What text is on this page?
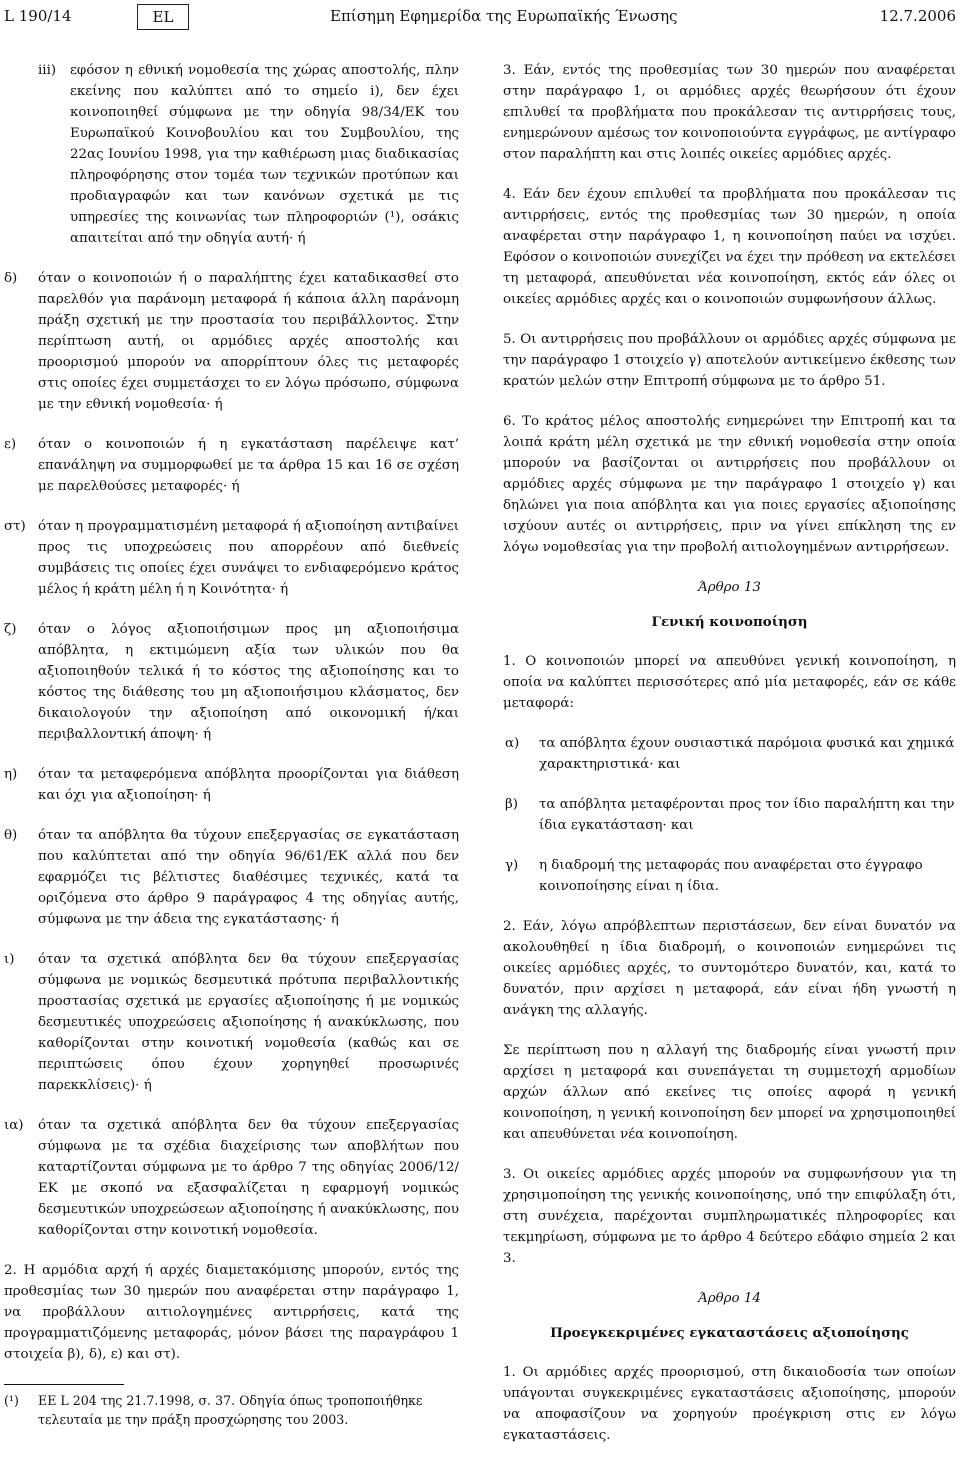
L 190/14	EL	Επίσημη Εφημερίδα της Ευρωπαϊκής Ένωσης	12.7.2006
iii)	εφόσον η εθνική νομοθεσία της χώρας αποστολής, πλην εκείνης που καλύπτει από το σημείο i), δεν έχει κοινοποιηθεί σύμφωνα με την οδηγία 98/34/ΕΚ του Ευρωπαϊκού Κοινοβουλίου και του Συμβουλίου, της 22ας Ιουνίου 1998, για την καθιέρωση μιας διαδικασίας πληροφόρησης στον τομέα των τεχνικών προτύπων και προδιαγραφών και των κανόνων σχετικά με τις υπηρεσίες της κοινωνίας των πληροφοριών (¹), οσάκις απαιτείται από την οδηγία αυτή· ή
δ)	όταν ο κοινοποιών ή ο παραλήπτης έχει καταδικασθεί στο παρελθόν για παράνομη μεταφορά ή κάποια άλλη παράνομη πράξη σχετική με την προστασία του περιβάλλοντος. Στην περίπτωση αυτή, οι αρμόδιες αρχές αποστολής και προορισμού μπορούν να απορρίπτουν όλες τις μεταφορές στις οποίες έχει συμμετάσχει το εν λόγω πρόσωπο, σύμφωνα με την εθνική νομοθεσία· ή
ε)	όταν ο κοινοποιών ή η εγκατάσταση παρέλειψε κατ’ επανάληψη να συμμορφωθεί με τα άρθρα 15 και 16 σε σχέση με παρελθούσες μεταφορές· ή
στ) όταν η προγραμματισμένη μεταφορά ή αξιοποίηση αντιβαίνει προς τις υποχρεώσεις που απορρέουν από διεθνείς συμβάσεις τις οποίες έχει συνάψει το ενδιαφερόμενο κράτος μέλος ή κράτη μέλη ή η Κοινότητα· ή
ζ)	όταν ο λόγος αξιοποιήσιμων προς μη αξιοποιήσιμα απόβλητα, η εκτιμώμενη αξία των υλικών που θα αξιοποιηθούν τελικά ή το κόστος της αξιοποίησης και το κόστος της διάθεσης του μη αξιοποιήσιμου κλάσματος, δεν δικαιολογούν την αξιοποίηση από οικονομική ή/και περιβαλλοντική άποψη· ή
η)	όταν τα μεταφερόμενα απόβλητα προορίζονται για διάθεση και όχι για αξιοποίηση· ή
θ)	όταν τα απόβλητα θα τύχουν επεξεργασίας σε εγκατάσταση που καλύπτεται από την οδηγία 96/61/ΕΚ αλλά που δεν εφαρμόζει τις βέλτιστες διαθέσιμες τεχνικές, κατά τα οριζόμενα στο άρθρο 9 παράγραφος 4 της οδηγίας αυτής, σύμφωνα με την άδεια της εγκατάστασης· ή
ι)	όταν τα σχετικά απόβλητα δεν θα τύχουν επεξεργασίας σύμφωνα με νομικώς δεσμευτικά πρότυπα περιβαλλοντικής προστασίας σχετικά με εργασίες αξιοποίησης ή με νομικώς δεσμευτικές υποχρεώσεις αξιοποίησης ή ανακύκλωσης, που καθορίζονται στην κοινοτική νομοθεσία (καθώς και σε περιπτώσεις όπου έχουν χορηγηθεί προσωρινές παρεκκλίσεις)· ή
ια)	όταν τα σχετικά απόβλητα δεν θα τύχουν επεξεργασίας σύμφωνα με τα σχέδια διαχείρισης των αποβλήτων που καταρτίζονται σύμφωνα με το άρθρο 7 της οδηγίας 2006/12/ΕΚ με σκοπό να εξασφαλίζεται η εφαρμογή νομικώς δεσμευτικών υποχρεώσεων αξιοποίησης ή ανακύκλωσης, που καθορίζονται στην κοινοτική νομοθεσία.

2. Η αρμόδια αρχή ή αρχές διαμετακόμισης μπορούν, εντός της προθεσμίας των 30 ημερών που αναφέρεται στην παράγραφο 1, να προβάλλουν αιτιολογημένες αντιρρήσεις, κατά της προγραμματιζόμενης μεταφοράς, μόνον βάσει της παραγράφου 1 στοιχεία β), δ), ε) και στ).

(¹)	ΕΕ L 204 της 21.7.1998, σ. 37. Οδηγία όπως τροποποιήθηκε τελευταία με την πράξη προσχώρησης του 2003.

3. Εάν, εντός της προθεσμίας των 30 ημερών που αναφέρεται στην παράγραφο 1, οι αρμόδιες αρχές θεωρήσουν ότι έχουν επιλυθεί τα προβλήματα που προκάλεσαν τις αντιρρήσεις τους, ενημερώνουν αμέσως τον κοινοποιούντα εγγράφως, με αντίγραφο στον παραλήπτη και στις λοιπές οικείες αρμόδιες αρχές.

4. Εάν δεν έχουν επιλυθεί τα προβλήματα που προκάλεσαν τις αντιρρήσεις, εντός της προθεσμίας των 30 ημερών, η οποία αναφέρεται στην παράγραφο 1, η κοινοποίηση παύει να ισχύει. Εφόσον ο κοινοποιών συνεχίζει να έχει την πρόθεση να εκτελέσει τη μεταφορά, απευθύνεται νέα κοινοποίηση, εκτός εάν όλες οι οικείες αρμόδιες αρχές και ο κοινοποιών συμφωνήσουν άλλως.

5. Οι αντιρρήσεις που προβάλλουν οι αρμόδιες αρχές σύμφωνα με την παράγραφο 1 στοιχείο γ) αποτελούν αντικείμενο έκθεσης των κρατών μελών στην Επιτροπή σύμφωνα με το άρθρο 51.

6. Το κράτος μέλος αποστολής ενημερώνει την Επιτροπή και τα λοιπά κράτη μέλη σχετικά με την εθνική νομοθεσία στην οποία μπορούν να βασίζονται οι αντιρρήσεις που προβάλλουν οι αρμόδιες αρχές σύμφωνα με την παράγραφο 1 στοιχείο γ) και δηλώνει για ποια απόβλητα και για ποιες εργασίες αξιοποίησης ισχύουν αυτές οι αντιρρήσεις, πριν να γίνει επίκληση της εν λόγω νομοθεσίας για την προβολή αιτιολογημένων αντιρρήσεων.

Άρθρο 13
Γενική κοινοποίηση

1. Ο κοινοποιών μπορεί να απευθύνει γενική κοινοποίηση, η οποία να καλύπτει περισσότερες από μία μεταφορές, εάν σε κάθε μεταφορά:

α)	τα απόβλητα έχουν ουσιαστικά παρόμοια φυσικά και χημικά χαρακτηριστικά· και
β)	τα απόβλητα μεταφέρονται προς τον ίδιο παραλήπτη και την ίδια εγκατάσταση· και
γ)	η διαδρομή της μεταφοράς που αναφέρεται στο έγγραφο κοινοποίησης είναι η ίδια.

2. Εάν, λόγω απρόβλεπτων περιστάσεων, δεν είναι δυνατόν να ακολουθηθεί η ίδια διαδρομή, ο κοινοποιών ενημερώνει τις οικείες αρμόδιες αρχές, το συντομότερο δυνατόν, και, κατά το δυνατόν, πριν αρχίσει η μεταφορά, εάν είναι ήδη γνωστή η ανάγκη της αλλαγής.

Σε περίπτωση που η αλλαγή της διαδρομής είναι γνωστή πριν αρχίσει η μεταφορά και συνεπάγεται τη συμμετοχή αρμοδίων αρχών άλλων από εκείνες τις οποίες αφορά η γενική κοινοποίηση, η γενική κοινοποίηση δεν μπορεί να χρησιμοποιηθεί και απευθύνεται νέα κοινοποίηση.

3. Οι οικείες αρμόδιες αρχές μπορούν να συμφωνήσουν για τη χρησιμοποίηση της γενικής κοινοποίησης, υπό την επιφύλαξη ότι, στη συνέχεια, παρέχονται συμπληρωματικές πληροφορίες και τεκμηρίωση, σύμφωνα με το άρθρο 4 δεύτερο εδάφιο σημεία 2 και 3.

Άρθρο 14
Προεγκεκριμένες εγκαταστάσεις αξιοποίησης

1. Οι αρμόδιες αρχές προορισμού, στη δικαιοδοσία των οποίων υπάγονται συγκεκριμένες εγκαταστάσεις αξιοποίησης, μπορούν να αποφασίζουν να χορηγούν προέγκριση στις εν λόγω εγκαταστάσεις.
